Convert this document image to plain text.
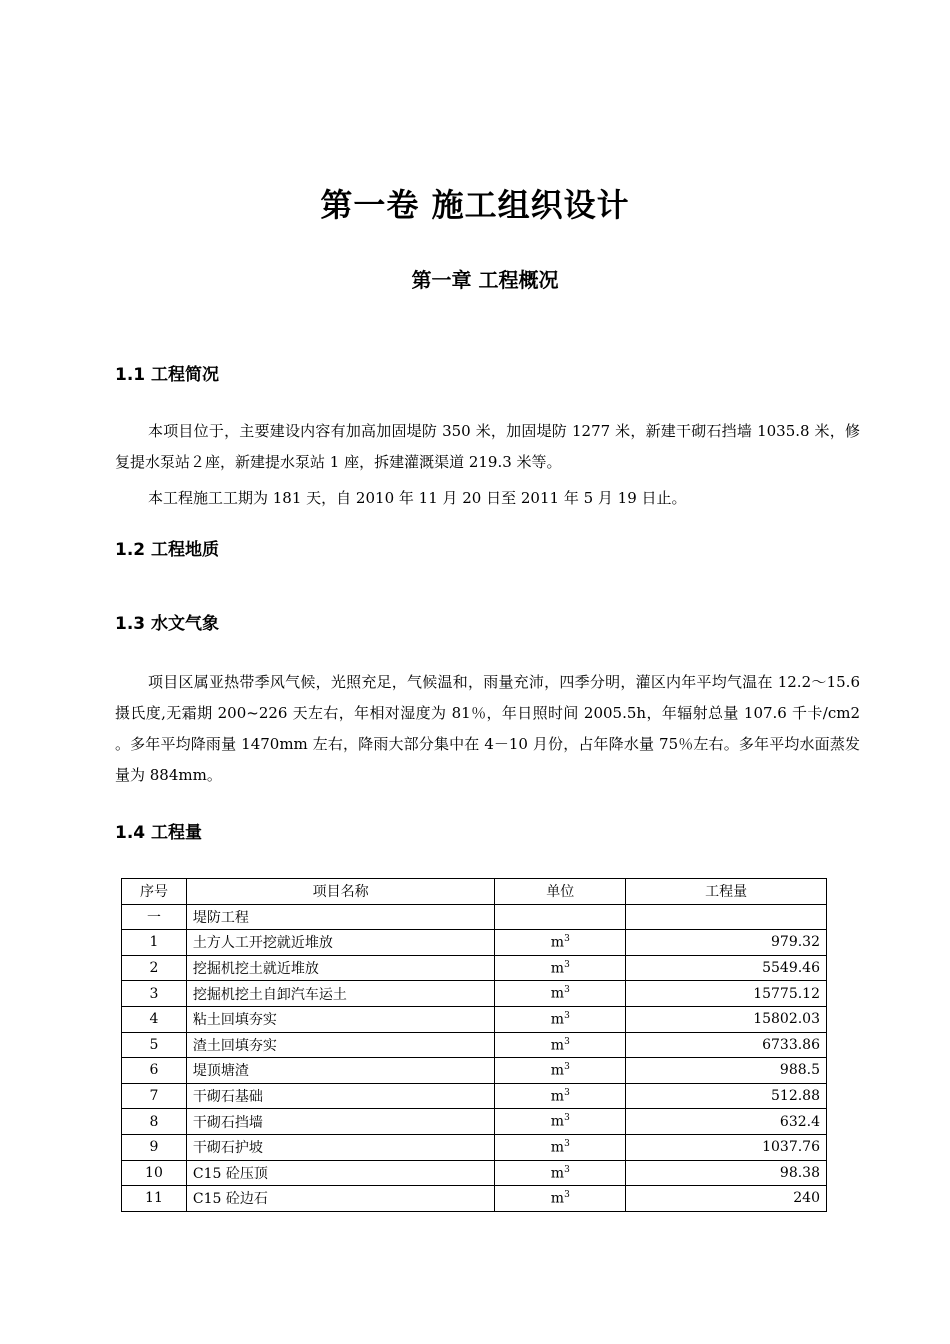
第一卷 施工组织设计
第一章 工程概况
1.1 工程简况

本项目位于，主要建设内容有加高加固堤防 350 米，加固堤防 1277 米，新建干砌石挡墙 1035.8 米，修复提水泵站２座，新建提水泵站 1 座，拆建灌溉渠道 219.3 米等。

本工程施工工期为 181 天，自 2010 年 11 月 20 日至 2011 年 5 月 19 日止。

1.2 工程地质
1.3 水文气象

项目区属亚热带季风气候，光照充足，气候温和，雨量充沛，四季分明，灌区内年平均气温在 12.2～15.6 摄氏度,无霜期 200~226 天左右，年相对湿度为 81％，年日照时间 2005.5h，年辐射总量 107.6 千卡/cm2 。多年平均降雨量 1470mm 左右，降雨大部分集中在 4－10 月份，占年降水量 75％左右。多年平均水面蒸发量为 884mm。

1.4 工程量
序号	项目名称	单位	工程量
一	堤防工程		
1	土方人工开挖就近堆放	$m^3$	979.32
2	挖掘机挖土就近堆放	$m^3$	5549.46
3	挖掘机挖土自卸汽车运土	$m^3$	15775.12
4	粘土回填夯实	$m^3$	15802.03
5	渣土回填夯实	$m^3$	6733.86
6	堤顶塘渣	$m^3$	988.5
7	干砌石基础	$m^3$	512.88
8	干砌石挡墙	$m^3$	632.4
9	干砌石护坡	$m^3$	1037.76
10	C15 砼压顶	$m^3$	98.38
11	C15 砼边石	$m^3$	240
